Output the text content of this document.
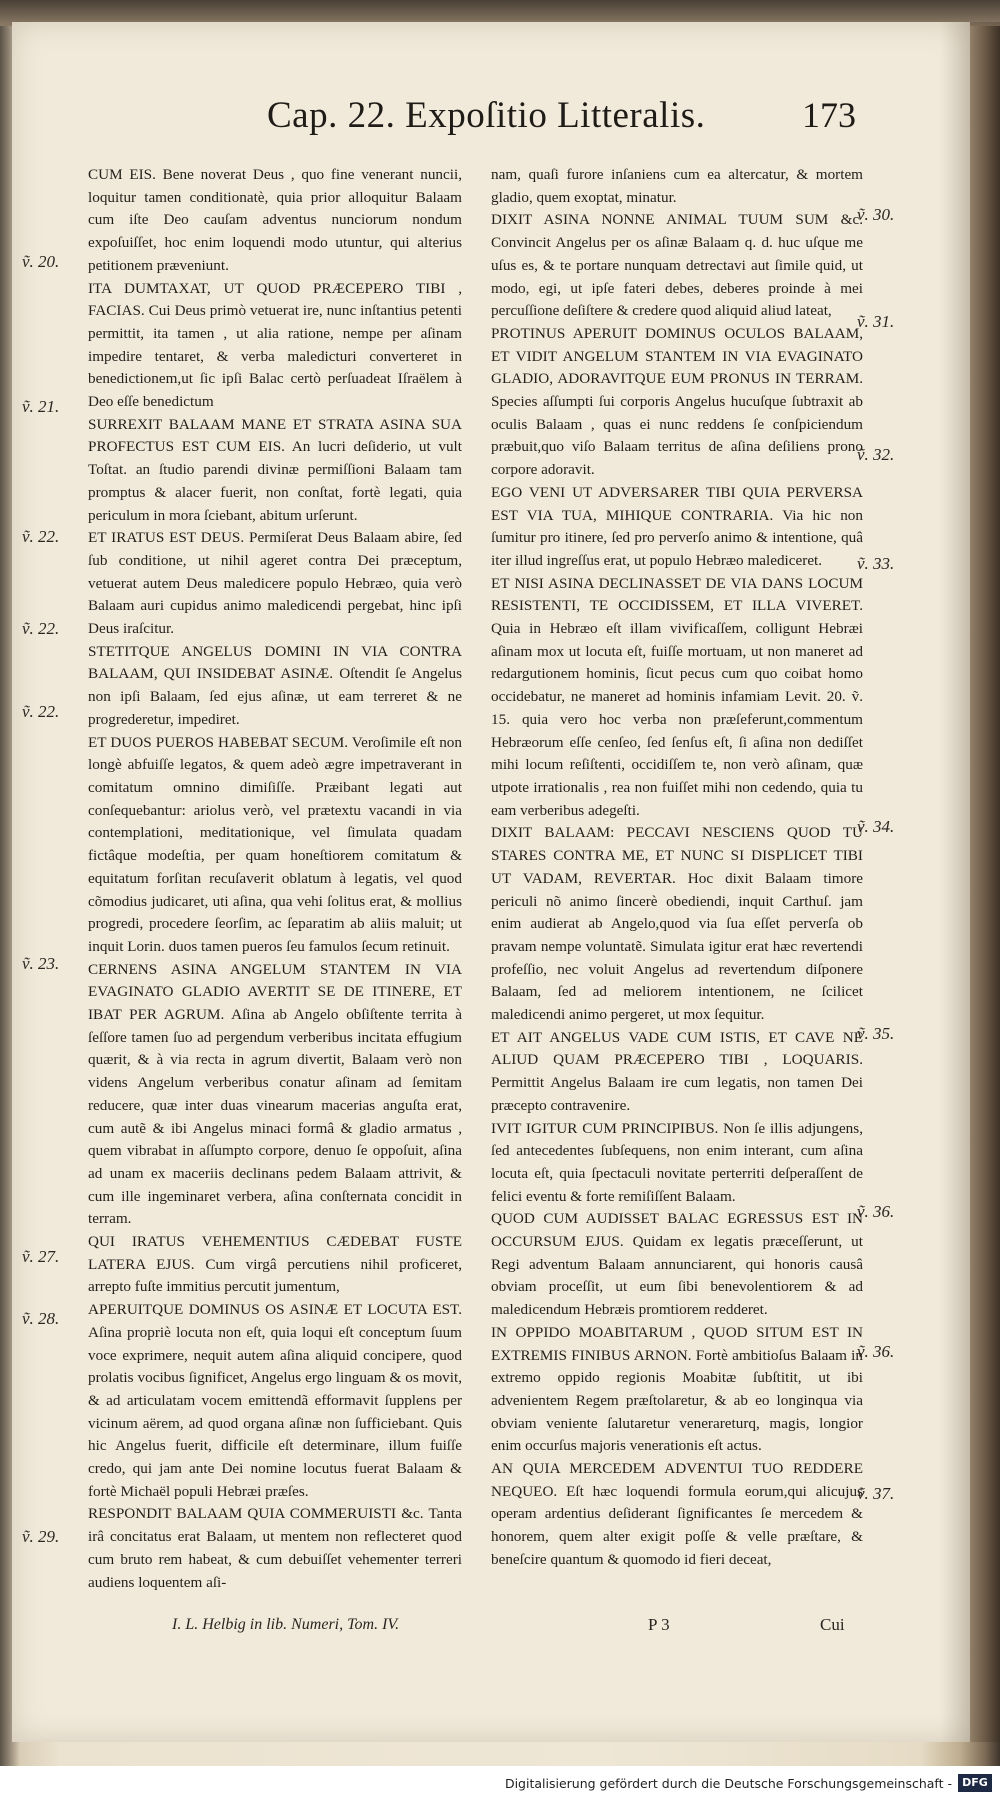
Cap. 22. Expoſitio Litteralis.	173

CUM EIS. Bene noverat Deus , quo fine venerant nuncii, loquitur tamen conditionatè, quia prior alloquitur Balaam cum iſte Deo cauſam adventus nunciorum nondum expoſuiſſet, hoc enim loquendi modo utuntur, qui alterius petitionem præveniunt.

ITA DUMTAXAT, UT QUOD PRÆCEPERO TIBI , FACIAS. Cui Deus primò vetuerat ire, nunc inſtantius petenti permittit, ita tamen , ut alia ratione, nempe per aſinam impedire tentaret, & verba maledicturi converteret in benedictionem,ut ſic ipſi Balac certò perſuadeat Iſraëlem à Deo eſſe benedictum

SURREXIT BALAAM MANE ET STRATA ASINA SUA PROFECTUS EST CUM EIS. An lucri deſiderio, ut vult Toſtat. an ſtudio parendi divinæ permiſſioni Balaam tam promptus & alacer fuerit, non conſtat, fortè legati, quia periculum in mora ſciebant, abitum urſerunt.

ET IRATUS EST DEUS. Permiſerat Deus Balaam abire, ſed ſub conditione, ut nihil ageret contra Dei præceptum, vetuerat autem Deus maledicere populo Hebræo, quia verò Balaam auri cupidus animo maledicendi pergebat, hinc ipſi Deus iraſcitur.

STETITQUE ANGELUS DOMINI IN VIA CONTRA BALAAM, QUI INSIDEBAT ASINÆ. Oſtendit ſe Angelus non ipſi Balaam, ſed ejus aſinæ, ut eam terreret & ne progrederetur, impediret.

ET DUOS PUEROS HABEBAT SECUM. Veroſimile eſt non longè abfuiſſe legatos, & quem adeò ægre impetraverant in comitatum omnino dimiſiſſe. Præibant legati aut conſequebantur: ariolus verò, vel prætextu vacandi in via contemplationi, meditationique, vel ſimulata quadam fictâque modeſtia, per quam honeſtiorem comitatum & equitatum forſitan recuſaverit oblatum à legatis, vel quod cõmodius judicaret, uti aſina, qua vehi ſolitus erat, & mollius progredi, procedere ſeorſim, ac ſeparatim ab aliis maluit; ut inquit Lorin. duos tamen pueros ſeu famulos ſecum retinuit.

CERNENS ASINA ANGELUM STANTEM IN VIA EVAGINATO GLADIO AVERTIT SE DE ITINERE, ET IBAT PER AGRUM. Aſina ab Angelo obſiſtente territa à ſeſſore tamen ſuo ad pergendum verberibus incitata effugium quærit, & à via recta in agrum divertit, Balaam verò non videns Angelum verberibus conatur aſinam ad ſemitam reducere, quæ inter duas vinearum macerias anguſta erat, cum autẽ & ibi Angelus minaci formâ & gladio armatus , quem vibrabat in aſſumpto corpore, denuo ſe oppoſuit, aſina ad unam ex maceriis declinans pedem Balaam attrivit, & cum ille ingeminaret verbera, aſina conſternata concidit in terram.

QUI IRATUS VEHEMENTIUS CÆDEBAT FUSTE LATERA EJUS. Cum virgâ percutiens nihil proficeret, arrepto fuſte immitius percutit jumentum,

APERUITQUE DOMINUS OS ASINÆ ET LOCUTA EST. Aſina propriè locuta non eſt, quia loqui eſt conceptum ſuum voce exprimere, nequit autem aſina aliquid concipere, quod prolatis vocibus ſignificet, Angelus ergo linguam & os movit, & ad articulatam vocem emittendã efformavit ſupplens per vicinum aërem, ad quod organa aſinæ non ſufficiebant. Quis hic Angelus fuerit, difficile eſt determinare, illum fuiſſe credo, qui jam ante Dei nomine locutus fuerat Balaam & fortè Michaël populi Hebræi præſes.

RESPONDIT BALAAM QUIA COMMERUISTI &c. Tanta irâ concitatus erat Balaam, ut mentem non reflecteret quod cum bruto rem habeat, & cum debuiſſet vehementer terreri audiens loquentem aſi-

nam, quaſi furore inſaniens cum ea altercatur, & mortem gladio, quem exoptat, minatur.

DIXIT ASINA NONNE ANIMAL TUUM SUM &c. Convincit Angelus per os aſinæ Balaam q. d. huc uſque me uſus es, & te portare nunquam detrectavi aut ſimile quid, ut modo, egi, ut ipſe fateri debes, deberes proinde à mei percuſſione deſiſtere & credere quod aliquid aliud lateat,

PROTINUS APERUIT DOMINUS OCULOS BALAAM, ET VIDIT ANGELUM STANTEM IN VIA EVAGINATO GLADIO, ADORAVITQUE EUM PRONUS IN TERRAM. Species aſſumpti ſui corporis Angelus hucuſque ſubtraxit ab oculis Balaam , quas ei nunc reddens ſe conſpiciendum præbuit,quo viſo Balaam territus de aſina deſiliens prono corpore adoravit.

EGO VENI UT ADVERSARER TIBI QUIA PERVERSA EST VIA TUA, MIHIQUE CONTRARIA. Via hic non ſumitur pro itinere, ſed pro perverſo animo & intentione, quâ iter illud ingreſſus erat, ut populo Hebræo malediceret.

ET NISI ASINA DECLINASSET DE VIA DANS LOCUM RESISTENTI, TE OCCIDISSEM, ET ILLA VIVERET. Quia in Hebræo eſt illam vivificaſſem, colligunt Hebræi aſinam mox ut locuta eſt, fuiſſe mortuam, ut non maneret ad redargutionem hominis, ſicut pecus cum quo coibat homo occidebatur, ne maneret ad hominis infamiam Levit. 20. ṽ. 15. quia vero hoc verba non præſeferunt,commentum Hebræorum eſſe cenſeo, ſed ſenſus eſt, ſi aſina non dediſſet mihi locum reſiſtenti, occidiſſem te, non verò aſinam, quæ utpote irrationalis , rea non fuiſſet mihi non cedendo, quia tu eam verberibus adegeſti.

DIXIT BALAAM: PECCAVI NESCIENS QUOD TU STARES CONTRA ME, ET NUNC SI DISPLICET TIBI UT VADAM, REVERTAR. Hoc dixit Balaam timore periculi nõ animo ſincerè obediendi, inquit Carthuſ. jam enim audierat ab Angelo,quod via ſua eſſet perverſa ob pravam nempe voluntatẽ. Simulata igitur erat hæc revertendi profeſſio, nec voluit Angelus ad revertendum diſponere Balaam, ſed ad meliorem intentionem, ne ſcilicet maledicendi animo pergeret, ut mox ſequitur.

ET AIT ANGELUS VADE CUM ISTIS, ET CAVE NE ALIUD QUAM PRÆCEPERO TIBI , LOQUARIS. Permittit Angelus Balaam ire cum legatis, non tamen Dei præcepto contravenire.

IVIT IGITUR CUM PRINCIPIBUS. Non ſe illis adjungens, ſed antecedentes ſubſequens, non enim interant, cum aſina locuta eſt, quia ſpectaculi novitate perterriti deſperaſſent de felici eventu & forte remiſiſſent Balaam.

QUOD CUM AUDISSET BALAC EGRESSUS EST IN OCCURSUM EJUS. Quidam ex legatis præceſſerunt, ut Regi adventum Balaam annunciarent, qui honoris causâ obviam proceſſit, ut eum ſibi benevolentiorem & ad maledicendum Hebræis promtiorem redderet.

IN OPPIDO MOABITARUM , QUOD SITUM EST IN EXTREMIS FINIBUS ARNON. Fortè ambitioſus Balaam in extremo oppido regionis Moabitæ ſubſtitit, ut ibi advenientem Regem præſtolaretur, & ab eo longinqua via obviam veniente ſalutaretur venerareturq, magis, longior enim occurſus majoris venerationis eſt actus.

AN QUIA MERCEDEM ADVENTUI TUO REDDERE NEQUEO. Eſt hæc loquendi formula eorum,qui alicujus operam ardentius deſiderant ſignificantes ſe mercedem & honorem, quem alter exigit poſſe & velle præſtare, & beneſcire quantum & quomodo id fieri deceat,

ṽ. 20.
ṽ. 21.
ṽ. 22.
ṽ. 22.
ṽ. 22.
ṽ. 23.
ṽ. 27.
ṽ. 28.
ṽ. 29.
ṽ. 30.
ṽ. 31.
ṽ. 32.
ṽ. 33.
ṽ. 34.
ṽ. 35.
ṽ. 36.
ṽ. 36.
ṽ. 37.
I. L. Helbig in lib. Numeri, Tom. IV.	P 3	Cui
Digitalisierung gefördert durch die Deutsche Forschungsgemeinschaft - DFG
